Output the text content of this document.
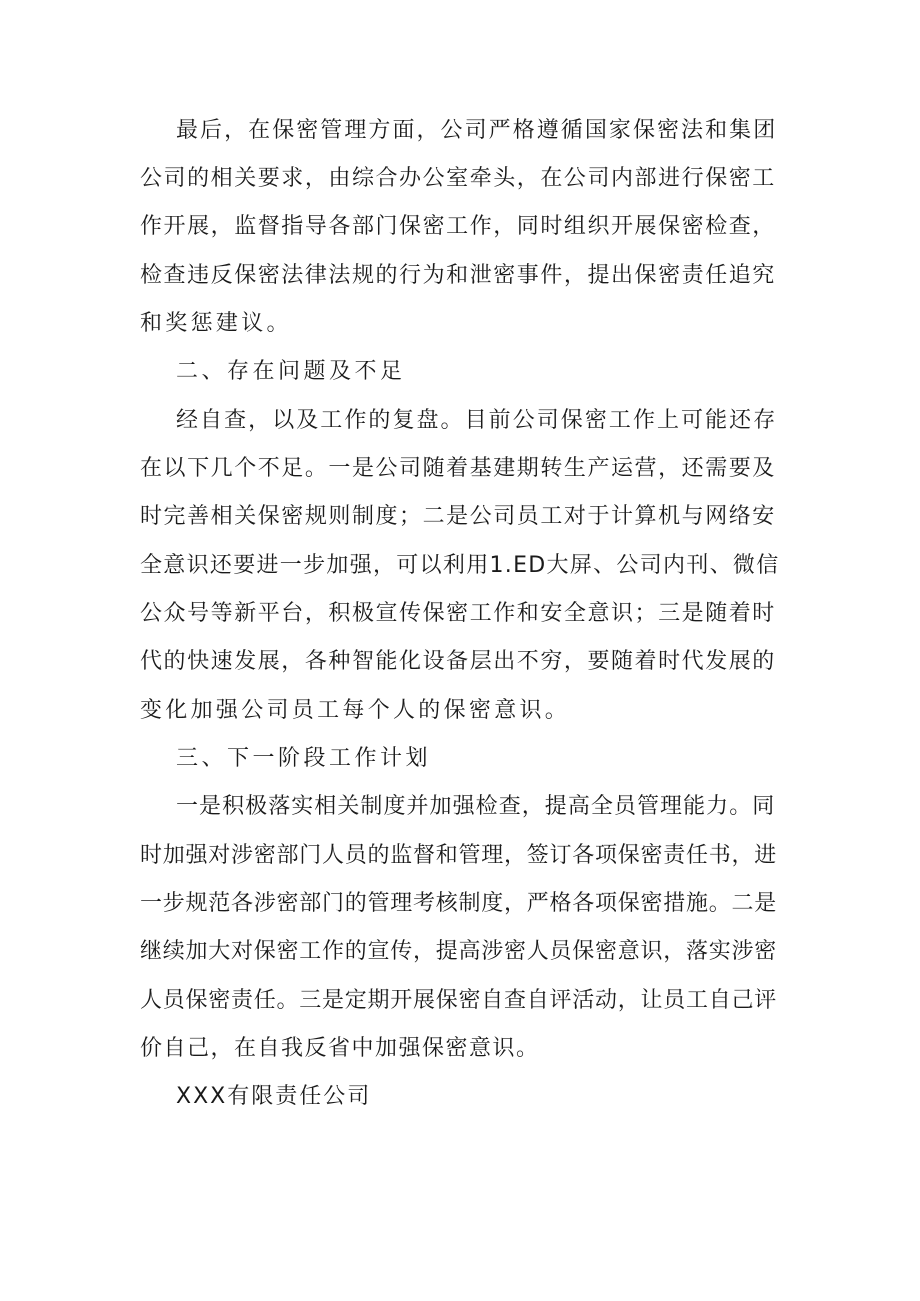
最后，在保密管理方面，公司严格遵循国家保密法和集团
公司的相关要求，由综合办公室牵头，在公司内部进行保密工
作开展，监督指导各部门保密工作，同时组织开展保密检查，
检查违反保密法律法规的行为和泄密事件，提出保密责任追究
和奖惩建议。
二、存在问题及不足
经自查，以及工作的复盘。目前公司保密工作上可能还存
在以下几个不足。一是公司随着基建期转生产运营，还需要及
时完善相关保密规则制度；二是公司员工对于计算机与网络安
全意识还要进一步加强，可以利用1.ED大屏、公司内刊、微信
公众号等新平台，积极宣传保密工作和安全意识；三是随着时
代的快速发展，各种智能化设备层出不穷，要随着时代发展的
变化加强公司员工每个人的保密意识。
三、下一阶段工作计划
一是积极落实相关制度并加强检查，提高全员管理能力。同
时加强对涉密部门人员的监督和管理，签订各项保密责任书，进
一步规范各涉密部门的管理考核制度，严格各项保密措施。二是
继续加大对保密工作的宣传，提高涉密人员保密意识，落实涉密
人员保密责任。三是定期开展保密自查自评活动，让员工自己评
价自己，在自我反省中加强保密意识。
XXX有限责任公司
